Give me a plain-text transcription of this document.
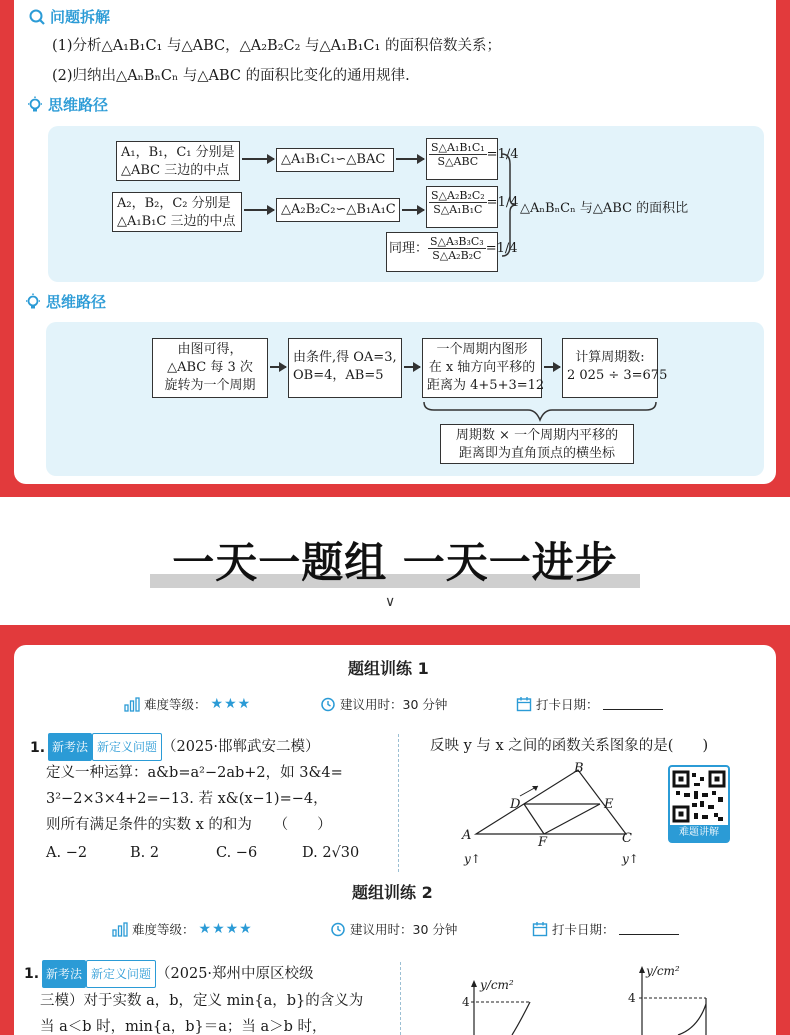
问题拆解
(1)分析△A₁B₁C₁ 与△ABC，△A₂B₂C₂ 与△A₁B₁C₁ 的面积倍数关系；
(2)归纳出△AₙBₙCₙ 与△ABC 的面积比变化的通用规律.
思维路径
A₁，B₁，C₁ 分别是
△ABC 三边的中点
△A₁B₁C₁∽△BAC	$\frac{\text{S△A₁B₁C₁}}{\text{S△ABC}} =1/4$
A₂，B₂，C₂ 分别是
△A₁B₁C 三边的中点
△A₂B₂C₂∽△B₁A₁C	$\frac{\text{S△A₂B₂C₂}}{\text{S△A₁B₁C}} =1/4$
同理： $\frac{\text{S△A₃B₃C₃}}{\text{S△A₂B₂C}} =1/4$
△AₙBₙCₙ 与△ABC 的面积比
思维路径
由图可得，
△ABC 每 3 次
旋转为一个周期
由条件,得 OA=3,
OB=4，AB=5
一个周期内图形
在 x 轴方向平移的
距离为 4+5+3=12
计算周期数:
2 025 ÷ 3=675
周期数 × 一个周期内平移的
距离即为直角顶点的横坐标
一天一题组 一天一进步
∨
题组训练 1
难度等级： ★★★	建议用时：30 分钟	打卡日期：
1. 新考法 新定义问题 （2025·邯郸武安二模）
定义一种运算：a&b=a²−2ab+2，如 3&4=
3²−2×3×4+2=−13. 若 x&(x−1)=−4，
则所有满足条件的实数 x 的和为　　（　　）
A. −2	B. 2	C. −6	D. 2√30
反映 y 与 x 之间的函数关系图象的是(　　)
B
D	E
A	F	C
y↑	y↑
难题讲解
题组训练 2
难度等级： ★★★★	建议用时：30 分钟	打卡日期：
1. 新考法 新定义问题 （2025·郑州中原区校级
三模）对于实数 a，b，定义 min{a，b}的含义为
当 a＜b 时，min{a，b}＝a；当 a＞b 时，
y/cm²
4
y/cm²
4
